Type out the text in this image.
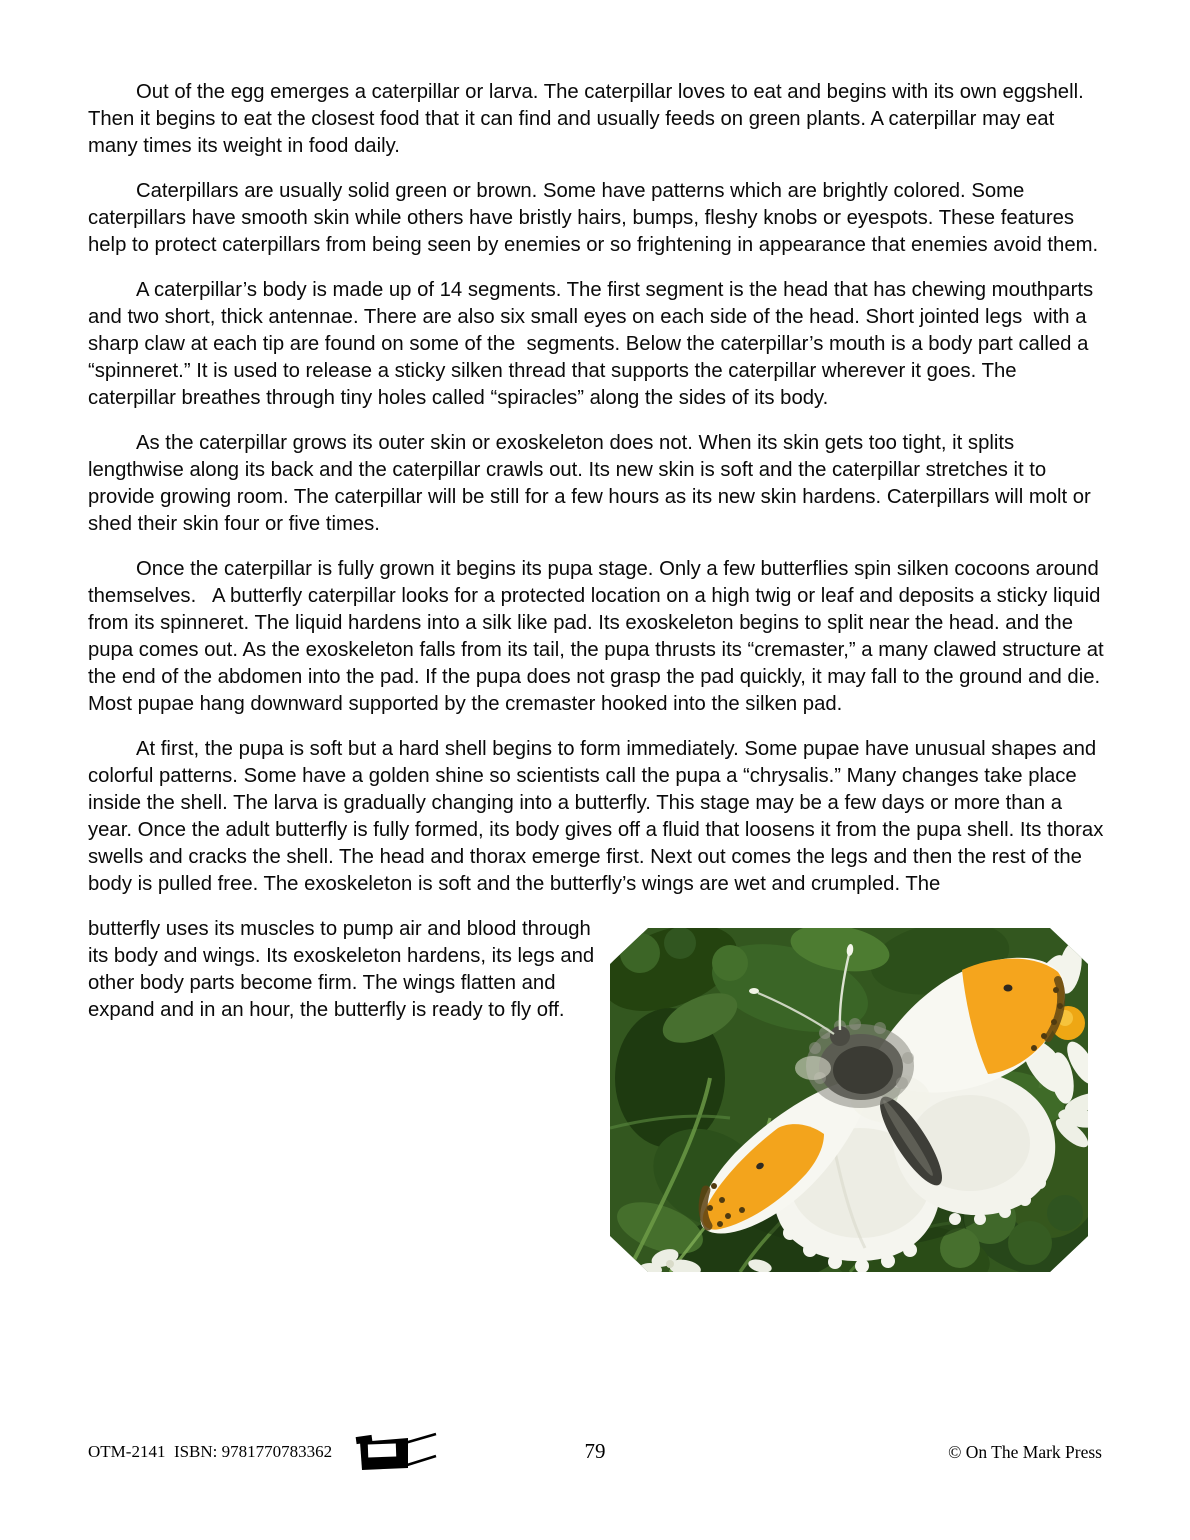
Out of the egg emerges a caterpillar or larva. The caterpillar loves to eat and begins with its own eggshell. Then it begins to eat the closest food that it can find and usually feeds on green plants. A caterpillar may eat many times its weight in food daily.

Caterpillars are usually solid green or brown. Some have patterns which are brightly colored. Some caterpillars have smooth skin while others have bristly hairs, bumps, fleshy knobs or eyespots. These features help to protect caterpillars from being seen by enemies or so frightening in appearance that enemies avoid them.

A caterpillar’s body is made up of 14 segments. The first segment is the head that has chewing mouthparts and two short, thick antennae. There are also six small eyes on each side of the head. Short jointed legs  with a sharp claw at each tip are found on some of the  segments. Below the caterpillar’s mouth is a body part called a “spinneret.” It is used to release a sticky silken thread that supports the caterpillar wherever it goes. The caterpillar breathes through tiny holes called “spiracles” along the sides of its body.

As the caterpillar grows its outer skin or exoskeleton does not. When its skin gets too tight, it splits lengthwise along its back and the caterpillar crawls out. Its new skin is soft and the caterpillar stretches it to provide growing room. The caterpillar will be still for a few hours as its new skin hardens. Caterpillars will molt or shed their skin four or five times.

Once the caterpillar is fully grown it begins its pupa stage. Only a few butterflies spin silken cocoons around themselves.   A butterfly caterpillar looks for a protected location on a high twig or leaf and deposits a sticky liquid from its spinneret. The liquid hardens into a silk like pad. Its exoskeleton begins to split near the head. and the pupa comes out. As the exoskeleton falls from its tail, the pupa thrusts its “cremaster,” a many clawed structure at the end of the abdomen into the pad. If the pupa does not grasp the pad quickly, it may fall to the ground and die. Most pupae hang downward supported by the cremaster hooked into the silken pad.

At first, the pupa is soft but a hard shell begins to form immediately. Some pupae have unusual shapes and colorful patterns. Some have a golden shine so scientists call the pupa a “chrysalis.” Many changes take place inside the shell. The larva is gradually changing into a butterfly. This stage may be a few days or more than a year. Once the adult butterfly is fully formed, its body gives off a fluid that loosens it from the pupa shell. Its thorax swells and cracks the shell. The head and thorax emerge first. Next out comes the legs and then the rest of the body is pulled free. The exoskeleton is soft and the butterfly’s wings are wet and crumpled. The

butterfly uses its muscles to pump air and blood through its body and wings. Its exoskeleton hardens, its legs and other body parts become firm. The wings flatten and expand and in an hour, the butterfly is ready to fly off.

OTM-2141  ISBN: 9781770783362	79	© On The Mark Press
